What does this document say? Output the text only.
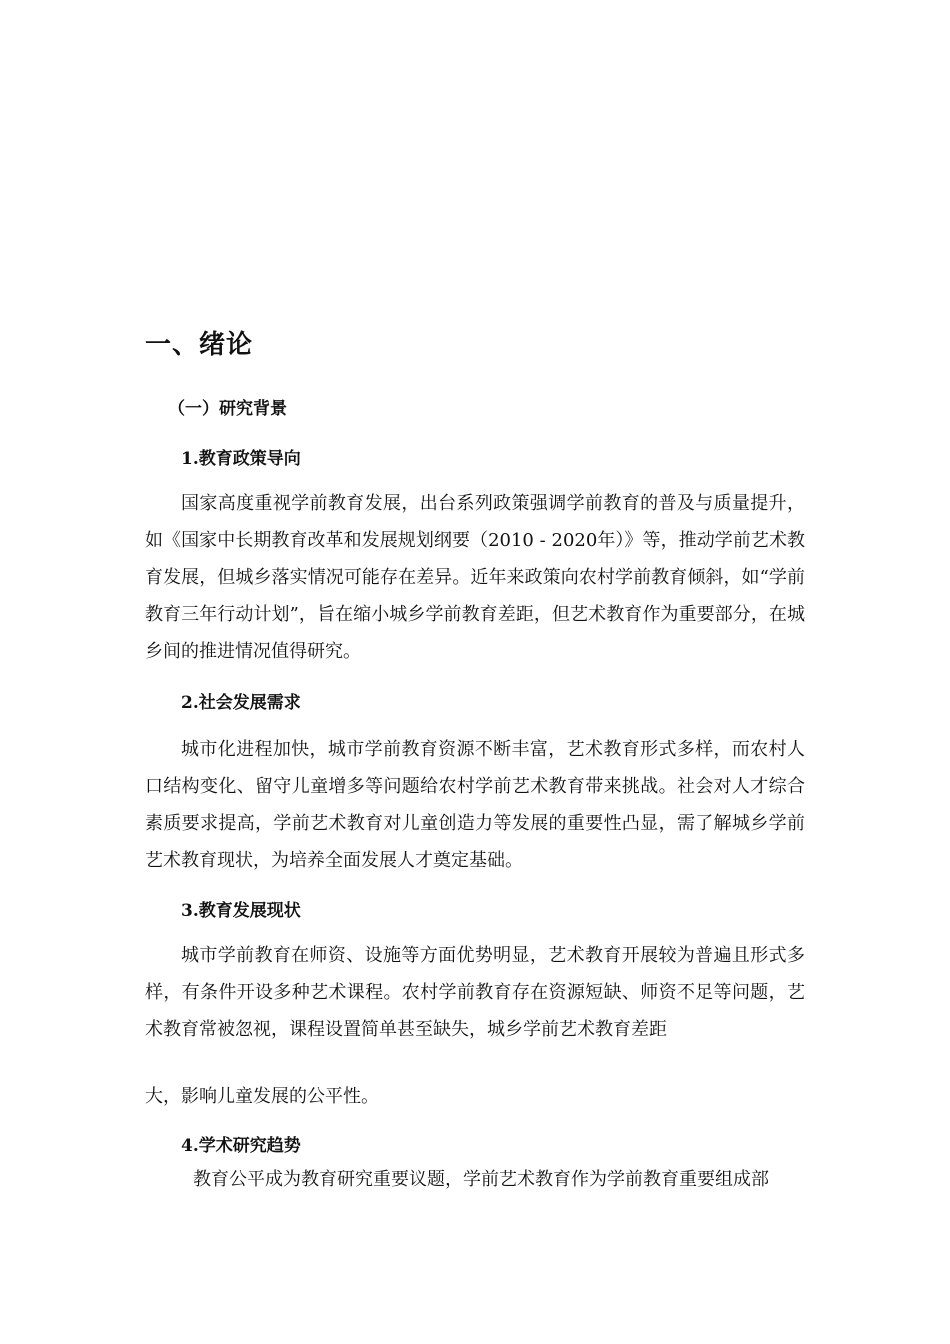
一、绪论
（一）研究背景
1.教育政策导向

国家高度重视学前教育发展，出台系列政策强调学前教育的普及与质量提升，如《国家中长期教育改革和发展规划纲要（2010 - 2020年）》等，推动学前艺术教育发展，但城乡落实情况可能存在差异。近年来政策向农村学前教育倾斜，如“学前教育三年行动计划”，旨在缩小城乡学前教育差距，但艺术教育作为重要部分，在城乡间的推进情况值得研究。

2.社会发展需求

城市化进程加快，城市学前教育资源不断丰富，艺术教育形式多样，而农村人口结构变化、留守儿童增多等问题给农村学前艺术教育带来挑战。社会对人才综合素质要求提高，学前艺术教育对儿童创造力等发展的重要性凸显，需了解城乡学前艺术教育现状，为培养全面发展人才奠定基础。

3.教育发展现状

城市学前教育在师资、设施等方面优势明显，艺术教育开展较为普遍且形式多样，有条件开设多种艺术课程。农村学前教育存在资源短缺、师资不足等问题，艺术教育常被忽视，课程设置简单甚至缺失，城乡学前艺术教育差距

大，影响儿童发展的公平性。

4.学术研究趋势

教育公平成为教育研究重要议题，学前艺术教育作为学前教育重要组成部
